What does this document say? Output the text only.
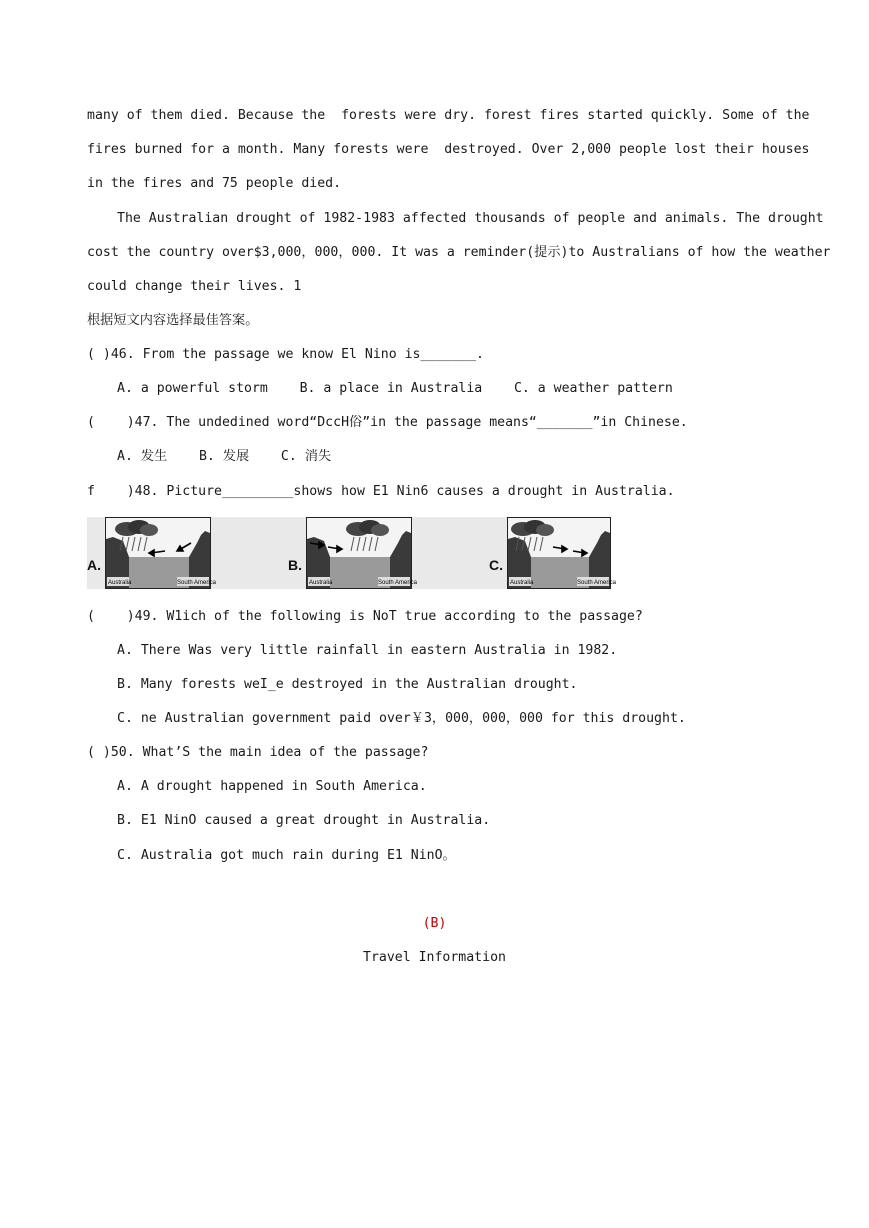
many of them died. Because the  forests were dry. forest fires started quickly. Some of the
fires burned for a month. Many forests were  destroyed. Over 2,000 people lost their houses
in the fires and 75 people died.
The Australian drought of 1982-1983 affected thousands of people and animals. The drought
cost the country over$3,000，000，000. It was a reminder(提示)to Australians of how the weather
could change their lives. 1
根据短文内容选择最佳答案。
( )46. From the passage we know El Nino is_______.
A. a powerful storm    B. a place in Australia    C. a weather pattern
(    )47. The undedined word“DccH俗”in the passage means“_______”in Chinese.
A. 发生    B. 发展    C. 消失
f    )48. Picture_________shows how E1 Nin6 causes a drought in Australia.
A.	B.	C.
Australia	South America	Australia	South America	Australia	South America
(    )49. W1ich of the following is NoT true according to the passage?
A. There Was very little rainfall in eastern Australia in 1982.
B. Many forests weI_e destroyed in the Australian drought.
C. ne Australian government paid over￥3，000，000，000 for this drought.
( )50. What’S the main idea of the passage?
A. A drought happened in South America.
B. E1 NinO caused a great drought in Australia.
C. Australia got much rain during E1 NinO。
(B)
Travel Information
